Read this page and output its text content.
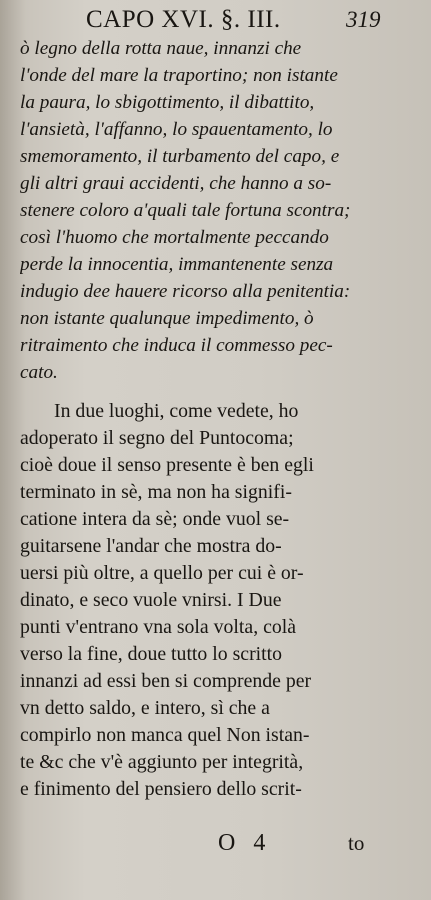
CAPO XVI. §. III.	319
ò legno della rotta naue, innanzi che
l'onde del mare la traportino; non istante
la paura, lo sbigottimento, il dibattito,
l'ansietà, l'affanno, lo spauentamento, lo
smemoramento, il turbamento del capo, e
gli altri graui accidenti, che hanno a so-
stenere coloro a'quali tale fortuna scontra;
così l'huomo che mortalmente peccando
perde la innocentia, immantenente senza
indugio dee hauere ricorso alla penitentia:
non istante qualunque impedimento, ò
ritraimento che induca il commesso pec-
cato.
In due luoghi, come vedete, ho
adoperato il segno del Puntocoma;
cioè doue il senso presente è ben egli
terminato in sè, ma non ha signifi-
catione intera da sè; onde vuol se-
guitarsene l'andar che mostra do-
uersi più oltre, a quello per cui è or-
dinato, e seco vuole vnirsi. I Due
punti v'entrano vna sola volta, colà
verso la fine, doue tutto lo scritto
innanzi ad essi ben si comprende per
vn detto saldo, e intero, sì che a
compirlo non manca quel Non istan-
te &c che v'è aggiunto per integrità,
e finimento del pensiero dello scrit-
O 4	to
